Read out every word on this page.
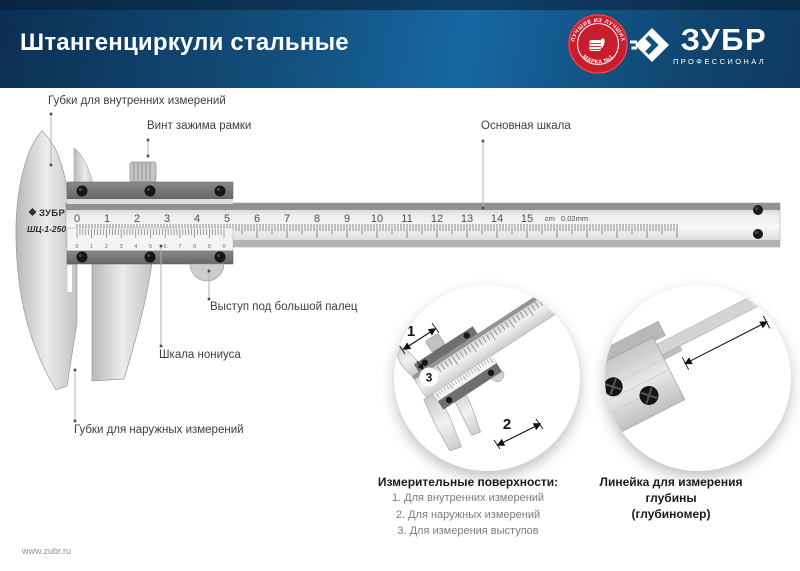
Штангенциркули стальные	ЛУЧШИЕ ИЗ ЛУЧШИХ
МАРКА №1
ЗУБР
ПРОФЕССИОНАЛ
0 1 2 3 4 5 6 7 8 9 10 11 12 13 14 15 cm 0.02mm
ЗУБР
ШЦ-1-250
0 1 2 3 4 5 6 7 8 9 0
Губки для внутренних измерений
Винт зажима рамки	Основная шкала
Выступ под большой палец
Шкала нониуса
Губки для наружных измерений
1
2
3
Измерительные поверхности:
1. Для внутренних измерений
2. Для наружных измерений
3. Для измерения выступов
Линейка для измерения глубины
(глубиномер)
www.zubr.ru
